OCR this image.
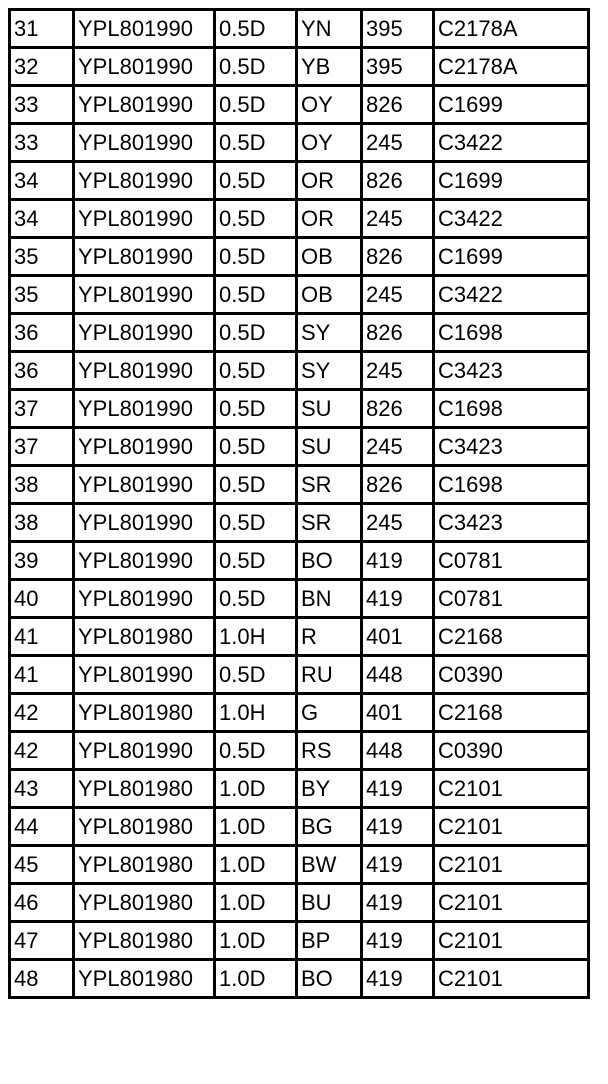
31	YPL801990	0.5D	YN	395	C2178A
32	YPL801990	0.5D	YB	395	C2178A
33	YPL801990	0.5D	OY	826	C1699
33	YPL801990	0.5D	OY	245	C3422
34	YPL801990	0.5D	OR	826	C1699
34	YPL801990	0.5D	OR	245	C3422
35	YPL801990	0.5D	OB	826	C1699
35	YPL801990	0.5D	OB	245	C3422
36	YPL801990	0.5D	SY	826	C1698
36	YPL801990	0.5D	SY	245	C3423
37	YPL801990	0.5D	SU	826	C1698
37	YPL801990	0.5D	SU	245	C3423
38	YPL801990	0.5D	SR	826	C1698
38	YPL801990	0.5D	SR	245	C3423
39	YPL801990	0.5D	BO	419	C0781
40	YPL801990	0.5D	BN	419	C0781
41	YPL801980	1.0H	R	401	C2168
41	YPL801990	0.5D	RU	448	C0390
42	YPL801980	1.0H	G	401	C2168
42	YPL801990	0.5D	RS	448	C0390
43	YPL801980	1.0D	BY	419	C2101
44	YPL801980	1.0D	BG	419	C2101
45	YPL801980	1.0D	BW	419	C2101
46	YPL801980	1.0D	BU	419	C2101
47	YPL801980	1.0D	BP	419	C2101
48	YPL801980	1.0D	BO	419	C2101
